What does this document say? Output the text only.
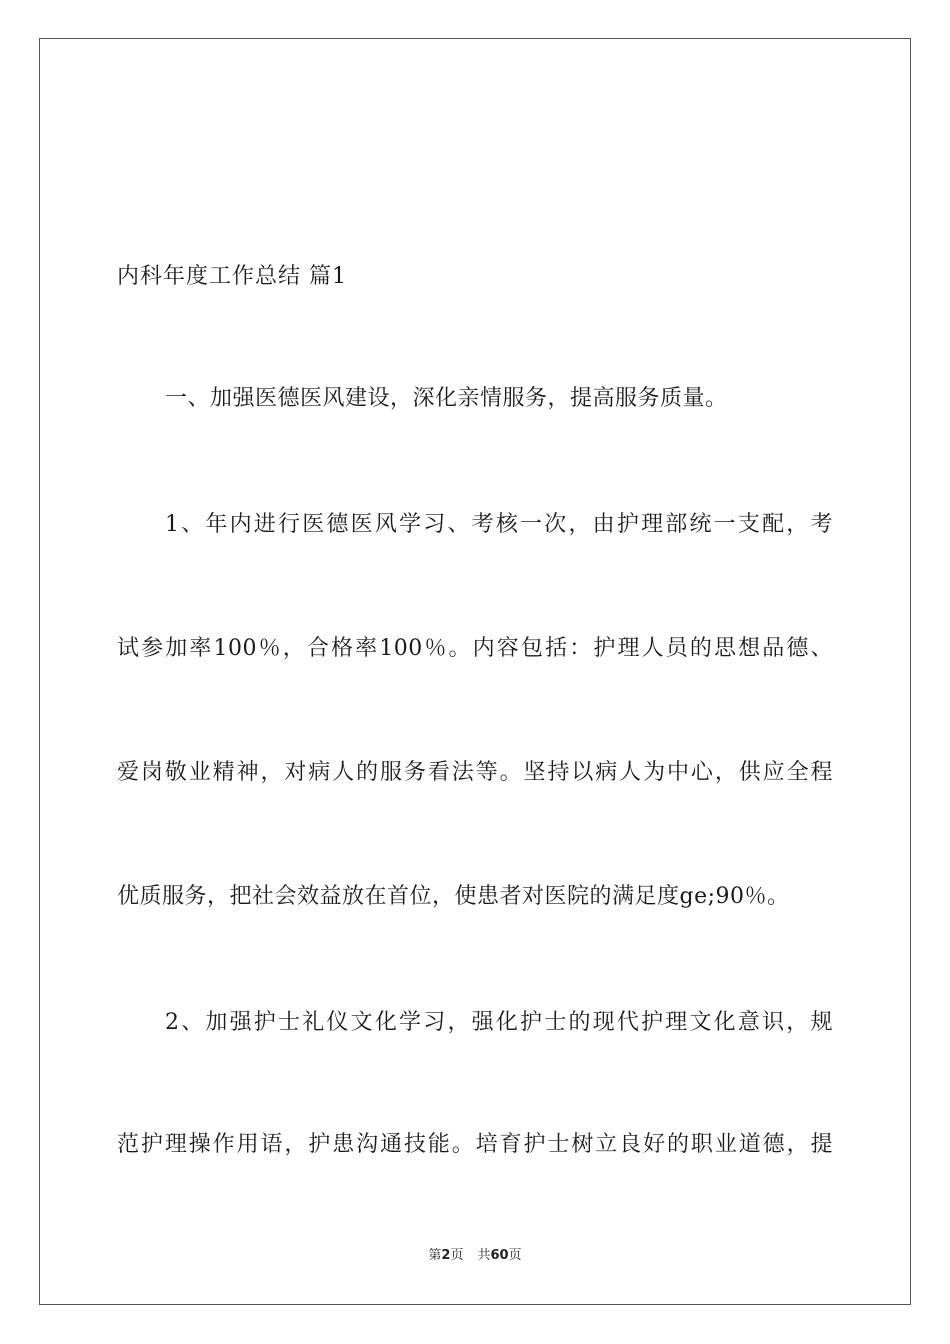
内科年度工作总结 篇1
一、加强医德医风建设，深化亲情服务，提高服务质量。
1、年内进行医德医风学习、考核一次，由护理部统一支配，考
试参加率100％，合格率100％。内容包括：护理人员的思想品德、
爱岗敬业精神，对病人的服务看法等。坚持以病人为中心，供应全程
优质服务，把社会效益放在首位，使患者对医院的满足度ge;90％。
2、加强护士礼仪文化学习，强化护士的现代护理文化意识，规
范护理操作用语，护患沟通技能。培育护士树立良好的职业道德，提
第2页 共60页
